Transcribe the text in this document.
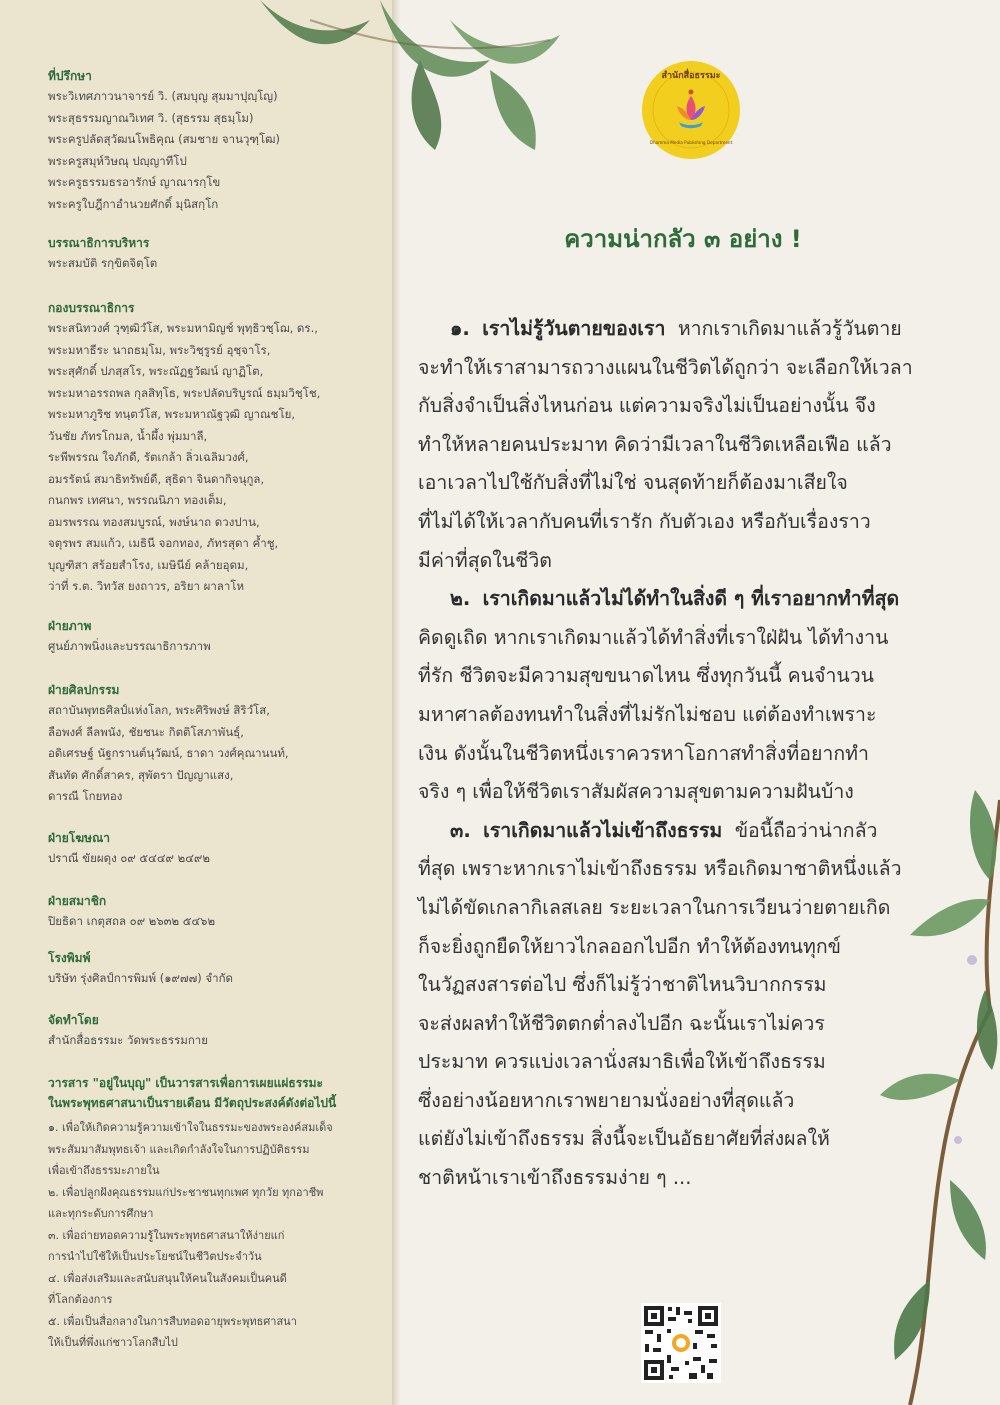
ที่ปรึกษา
พระวิเทศภาวนาจารย์ วิ. (สมบุญ สุมมาปุญฺโญ)
พระสุธรรมญาณวิเทศ วิ. (สุธรรม สุธมฺโม)
พระครูปลัดสุวัฒนโพธิคุณ (สมชาย จานวุฑฺโฒ)
พระครูสมุห์วิษณุ ปญฺญาทีโป
พระครูธรรมธรอารักษ์ ญาณารกฺโข
พระครูใบฎีกาอำนวยศักดิ์ มุนิสกฺโก
บรรณาธิการบริหาร
พระสมบัติ รกฺขิตจิตฺโต
กองบรรณาธิการ
พระสนิทวงศ์ วุฑฺฒิวํโส, พระมหามิญช์ พุทฺธิวชฺโฌ, ดร.,
พระมหาธีระ นาถธมฺโม, พระวิชฺรูรย์ อุชฺจาโร,
พระสุศักดิ์ ปภสฺสโร, พระณัฏฐวัฒน์ ญาฏิโต,
พระมหาอรรถพล กุลสิทฺโธ, พระปลัดบริบูรณ์ ธมฺมวิชฺโช,
พระมหาภูริช ทนฺตวํโส, พระมหาณัฐวุฒิ ญาณชโย,
วันชัย ภัทรโกมล, น้ำผึ้ง พุ่มมาลี,
ระพีพรรณ ใจภักดี, รัตเกล้า ลิ่วเฉลิมวงศ์,
อมรรัตน์ สมาธิทรัพย์ดี, สุธิดา จินดากิจนุกูล,
กนกพร เทศนา, พรรณนิภา ทองเต็ม,
อมรพรรณ ทองสมบูรณ์, พงษ์นาถ ดวงปาน,
จตุรพร สมแก้ว, เมธินี จอกทอง, ภัทรสุดา ค้ำชู,
บุญฑิสา สร้อยสำโรง, เมษินีย์ คล้ายอุดม,
ว่าที่ ร.ต. วิทวัส ยงถาวร, อริยา ผาลาโห
ฝ่ายภาพ
ศูนย์ภาพนิ่งและบรรณาธิการภาพ
ฝ่ายศิลปกรรม
สถาบันพุทธศิลป์แห่งโลก, พระศิริพงษ์ สิริวํโส,
ลือพงศ์ ลีลพนัง, ชัยชนะ กิตติโสภาพันธุ์,
อดิเศรษฐ์ นัฐกรานต์นุวัฒน์, ธาดา วงศ์คุณานนท์,
สันทัด ศักดิ์สาคร, สุพัตรา ปัญญาแสง,
ดารณี โกยทอง
ฝ่ายโฆษณา
ปราณี ขัยผดุง ๐๙ ๕๔๔๙ ๒๔๙๒
ฝ่ายสมาชิก
ปิยธิดา เกตุสถล ๐๙ ๒๖๓๒ ๕๔๖๒
โรงพิมพ์
บริษัท รุ่งศิลป์การพิมพ์ (๑๙๗๗) จำกัด
จัดทำโดย
สำนักสื่อธรรมะ วัดพระธรรมกาย
วารสาร "อยู่ในบุญ" เป็นวารสารเพื่อการเผยแผ่ธรรมะ
ในพระพุทธศาสนาเป็นรายเดือน มีวัตถุประสงค์ดังต่อไปนี้
๑. เพื่อให้เกิดความรู้ความเข้าใจในธรรมะของพระองค์สมเด็จ
พระสัมมาสัมพุทธเจ้า และเกิดกำลังใจในการปฏิบัติธรรม
เพื่อเข้าถึงธรรมะภายใน
๒. เพื่อปลูกฝังคุณธรรมแก่ประชาชนทุกเพศ ทุกวัย ทุกอาชีพ
และทุกระดับการศึกษา
๓. เพื่อถ่ายทอดความรู้ในพระพุทธศาสนาให้ง่ายแก่
การนำไปใช้ให้เป็นประโยชน์ในชีวิตประจำวัน
๔. เพื่อส่งเสริมและสนับสนุนให้คนในสังคมเป็นคนดี
ที่โลกต้องการ
๕. เพื่อเป็นสื่อกลางในการสืบทอดอายุพระพุทธศาสนา
ให้เป็นที่พึ่งแก่ชาวโลกสืบไป
สำนักสื่อธรรมะ
Dhamma Media Publishing Department
ความน่ากลัว ๓ อย่าง !
๑. เราไม่รู้วันตายของเรา หากเราเกิดมาแล้วรู้วันตาย
จะทำให้เราสามารถวางแผนในชีวิตได้ถูกว่า จะเลือกให้เวลา
กับสิ่งจำเป็นสิ่งไหนก่อน แต่ความจริงไม่เป็นอย่างนั้น จึง
ทำให้หลายคนประมาท คิดว่ามีเวลาในชีวิตเหลือเฟือ แล้ว
เอาเวลาไปใช้กับสิ่งที่ไม่ใช่ จนสุดท้ายก็ต้องมาเสียใจ
ที่ไม่ได้ให้เวลากับคนที่เรารัก กับตัวเอง หรือกับเรื่องราว
มีค่าที่สุดในชีวิต
๒. เราเกิดมาแล้วไม่ได้ทำในสิ่งดี ๆ ที่เราอยากทำที่สุด
คิดดูเถิด หากเราเกิดมาแล้วได้ทำสิ่งที่เราใฝ่ฝัน ได้ทำงาน
ที่รัก ชีวิตจะมีความสุขขนาดไหน ซึ่งทุกวันนี้ คนจำนวน
มหาศาลต้องทนทำในสิ่งที่ไม่รักไม่ชอบ แต่ต้องทำเพราะ
เงิน ดังนั้นในชีวิตหนึ่งเราควรหาโอกาสทำสิ่งที่อยากทำ
จริง ๆ เพื่อให้ชีวิตเราสัมผัสความสุขตามความฝันบ้าง
๓. เราเกิดมาแล้วไม่เข้าถึงธรรม ข้อนี้ถือว่าน่ากลัว
ที่สุด เพราะหากเราไม่เข้าถึงธรรม หรือเกิดมาชาติหนึ่งแล้ว
ไม่ได้ขัดเกลากิเลสเลย ระยะเวลาในการเวียนว่ายตายเกิด
ก็จะยิ่งถูกยืดให้ยาวไกลออกไปอีก ทำให้ต้องทนทุกข์
ในวัฏสงสารต่อไป ซึ่งก็ไม่รู้ว่าชาติไหนวิบากกรรม
จะส่งผลทำให้ชีวิตตกต่ำลงไปอีก ฉะนั้นเราไม่ควร
ประมาท ควรแบ่งเวลานั่งสมาธิเพื่อให้เข้าถึงธรรม
ซึ่งอย่างน้อยหากเราพยายามนั่งอย่างที่สุดแล้ว
แต่ยังไม่เข้าถึงธรรม สิ่งนี้จะเป็นอัธยาศัยที่ส่งผลให้
ชาติหน้าเราเข้าถึงธรรมง่าย ๆ ...
